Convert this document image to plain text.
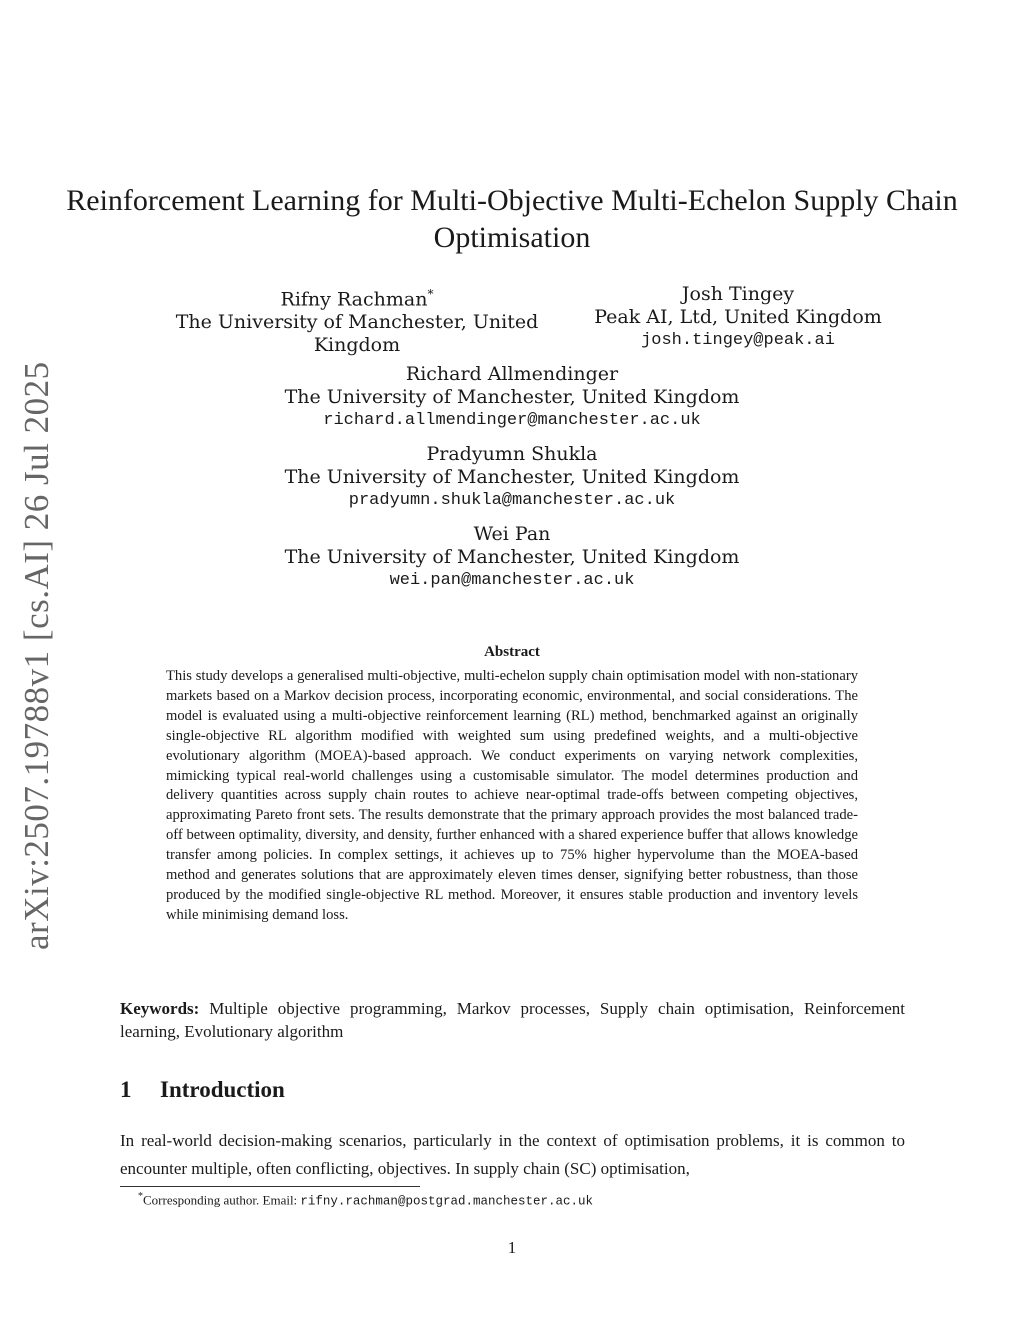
arXiv:2507.19788v1 [cs.AI] 26 Jul 2025
Reinforcement Learning for Multi-Objective Multi-Echelon Supply Chain Optimisation
Rifny Rachman*
The University of Manchester, United Kingdom
Josh Tingey
Peak AI, Ltd, United Kingdom
josh.tingey@peak.ai
Richard Allmendinger
The University of Manchester, United Kingdom
richard.allmendinger@manchester.ac.uk
Pradyumn Shukla
The University of Manchester, United Kingdom
pradyumn.shukla@manchester.ac.uk
Wei Pan
The University of Manchester, United Kingdom
wei.pan@manchester.ac.uk
Abstract

This study develops a generalised multi-objective, multi-echelon supply chain optimisation model with non-stationary markets based on a Markov decision process, incorporating economic, environmental, and social considerations. The model is evaluated using a multi-objective reinforcement learning (RL) method, benchmarked against an originally single-objective RL algorithm modified with weighted sum using predefined weights, and a multi-objective evolutionary algorithm (MOEA)-based approach. We conduct experiments on varying network complexities, mimicking typical real-world challenges using a customisable simulator. The model determines production and delivery quantities across supply chain routes to achieve near-optimal trade-offs between competing objectives, approximating Pareto front sets. The results demonstrate that the primary approach provides the most balanced trade-off between optimality, diversity, and density, further enhanced with a shared experience buffer that allows knowledge transfer among policies. In complex settings, it achieves up to 75% higher hypervolume than the MOEA-based method and generates solutions that are approximately eleven times denser, signifying better robustness, than those produced by the modified single-objective RL method. Moreover, it ensures stable production and inventory levels while minimising demand loss.

Keywords: Multiple objective programming, Markov processes, Supply chain optimisation, Reinforcement learning, Evolutionary algorithm

1 Introduction

In real-world decision-making scenarios, particularly in the context of optimisation problems, it is common to encounter multiple, often conflicting, objectives. In supply chain (SC) optimisation,

*Corresponding author. Email: rifny.rachman@postgrad.manchester.ac.uk

1
